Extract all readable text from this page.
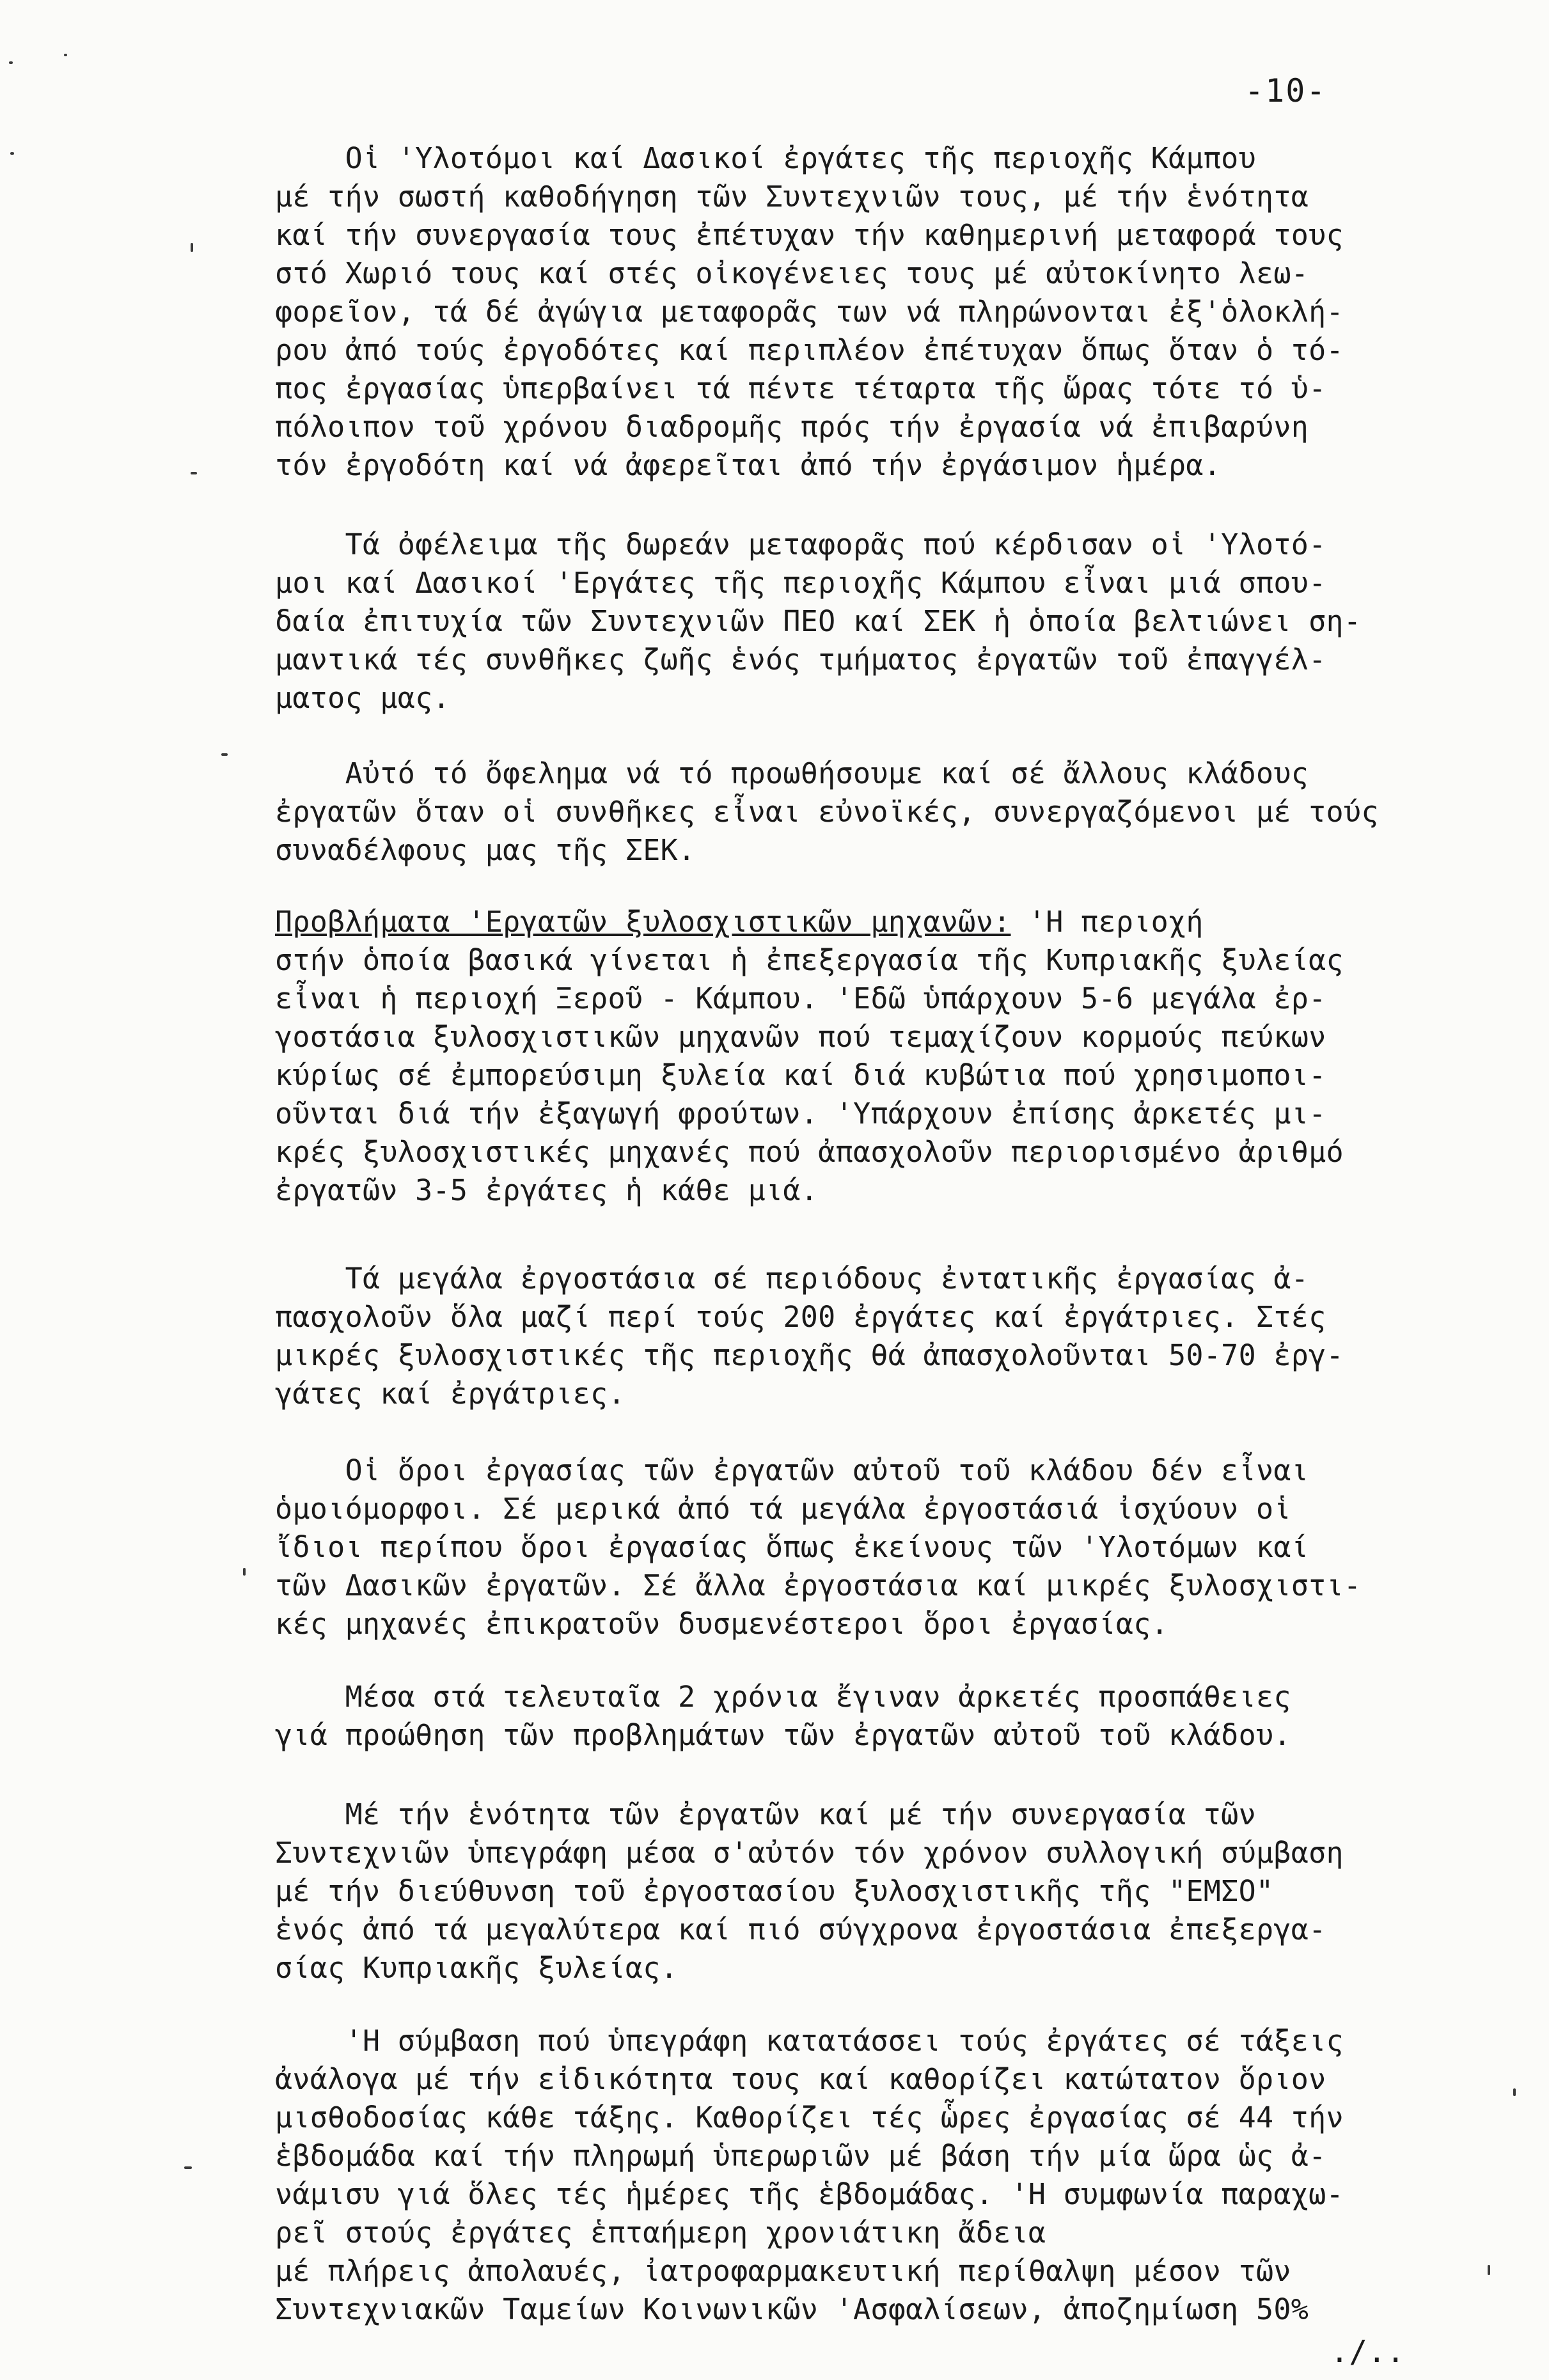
-10-
Οἱ 'Υλοτόμοι καί Δασικοί ἐργάτες τῆς περιοχῆς Κάμπου
μέ τήν σωστή καθοδήγηση τῶν Συντεχνιῶν τους, μέ τήν ἑνότητα
καί τήν συνεργασία τους ἐπέτυχαν τήν καθημερινή μεταφορά τους
στό Χωριό τους καί στές οἰκογένειες τους μέ αὐτοκίνητο λεω-
φορεῖον, τά δέ ἀγώγια μεταφορᾶς των νά πληρώνονται ἐξ'ὁλοκλή-
ρου ἀπό τούς ἐργοδότες καί περιπλέον ἐπέτυχαν ὅπως ὅταν ὁ τό-
πος ἐργασίας ὑπερβαίνει τά πέντε τέταρτα τῆς ὥρας τότε τό ὑ-
πόλοιπον τοῦ χρόνου διαδρομῆς πρός τήν ἐργασία νά ἐπιβαρύνη
τόν ἐργοδότη καί νά ἀφερεῖται ἀπό τήν ἐργάσιμον ἡμέρα.
Τά ὀφέλειμα τῆς δωρεάν μεταφορᾶς πού κέρδισαν οἱ 'Υλοτό-
μοι καί Δασικοί 'Εργάτες τῆς περιοχῆς Κάμπου εἶναι μιά σπου-
δαία ἐπιτυχία τῶν Συντεχνιῶν ΠΕΟ καί ΣΕΚ ἡ ὁποία βελτιώνει ση-
μαντικά τές συνθῆκες ζωῆς ἑνός τμήματος ἐργατῶν τοῦ ἐπαγγέλ-
ματος μας.
Αὐτό τό ὄφελημα νά τό προωθήσουμε καί σέ ἄλλους κλάδους
ἐργατῶν ὅταν οἱ συνθῆκες εἶναι εὐνοϊκές, συνεργαζόμενοι μέ τούς
συναδέλφους μας τῆς ΣΕΚ.
Προβλήματα 'Εργατῶν ξυλοσχιστικῶν μηχανῶν: 'Η περιοχή
στήν ὁποία βασικά γίνεται ἡ ἐπεξεργασία τῆς Κυπριακῆς ξυλείας
εἶναι ἡ περιοχή Ξεροῦ - Κάμπου. 'Εδῶ ὑπάρχουν 5-6 μεγάλα ἐρ-
γοστάσια ξυλοσχιστικῶν μηχανῶν πού τεμαχίζουν κορμούς πεύκων
κύρίως σέ ἐμπορεύσιμη ξυλεία καί διά κυβώτια πού χρησιμοποι-
οῦνται διά τήν ἐξαγωγή φρούτων. 'Υπάρχουν ἐπίσης ἀρκετές μι-
κρές ξυλοσχιστικές μηχανές πού ἀπασχολοῦν περιορισμένο ἀριθμό
ἐργατῶν 3-5 ἐργάτες ἡ κάθε μιά.
Τά μεγάλα ἐργοστάσια σέ περιόδους ἐντατικῆς ἐργασίας ἀ-
πασχολοῦν ὅλα μαζί περί τούς 200 ἐργάτες καί ἐργάτριες. Στές
μικρές ξυλοσχιστικές τῆς περιοχῆς θά ἀπασχολοῦνται 50-70 ἐργ-
γάτες καί ἐργάτριες.
Οἱ ὅροι ἐργασίας τῶν ἐργατῶν αὐτοῦ τοῦ κλάδου δέν εἶναι
ὁμοιόμορφοι. Σέ μερικά ἀπό τά μεγάλα ἐργοστάσιά ἰσχύουν οἱ
ἴδιοι περίπου ὅροι ἐργασίας ὅπως ἐκείνους τῶν 'Υλοτόμων καί
τῶν Δασικῶν ἐργατῶν. Σέ ἄλλα ἐργοστάσια καί μικρές ξυλοσχιστι-
κές μηχανές ἐπικρατοῦν δυσμενέστεροι ὅροι ἐργασίας.
Μέσα στά τελευταῖα 2 χρόνια ἔγιναν ἀρκετές προσπάθειες
γιά προώθηση τῶν προβλημάτων τῶν ἐργατῶν αὐτοῦ τοῦ κλάδου.
Μέ τήν ἑνότητα τῶν ἐργατῶν καί μέ τήν συνεργασία τῶν
Συντεχνιῶν ὑπεγράφη μέσα σ'αὐτόν τόν χρόνον συλλογική σύμβαση
μέ τήν διεύθυνση τοῦ ἐργοστασίου ξυλοσχιστικῆς τῆς "ΕΜΣΟ"
ἑνός ἀπό τά μεγαλύτερα καί πιό σύγχρονα ἐργοστάσια ἐπεξεργα-
σίας Κυπριακῆς ξυλείας.
'Η σύμβαση πού ὑπεγράφη κατατάσσει τούς ἐργάτες σέ τάξεις
ἀνάλογα μέ τήν εἰδικότητα τους καί καθορίζει κατώτατον ὅριον
μισθοδοσίας κάθε τάξης. Καθορίζει τές ὧρες ἐργασίας σέ 44 τήν
ἑβδομάδα καί τήν πληρωμή ὑπερωριῶν μέ βάση τήν μία ὥρα ὡς ἀ-
νάμισυ γιά ὅλες τές ἡμέρες τῆς ἑβδομάδας. 'Η συμφωνία παραχω-
ρεῖ στούς ἐργάτες ἑπταήμερη χρονιάτικη ἄδεια
μέ πλήρεις ἀπολαυές, ἰατροφαρμακευτική περίθαλψη μέσον τῶν
Συντεχνιακῶν Ταμείων Κοινωνικῶν 'Ασφαλίσεων, ἀποζημίωση 50%
./..
